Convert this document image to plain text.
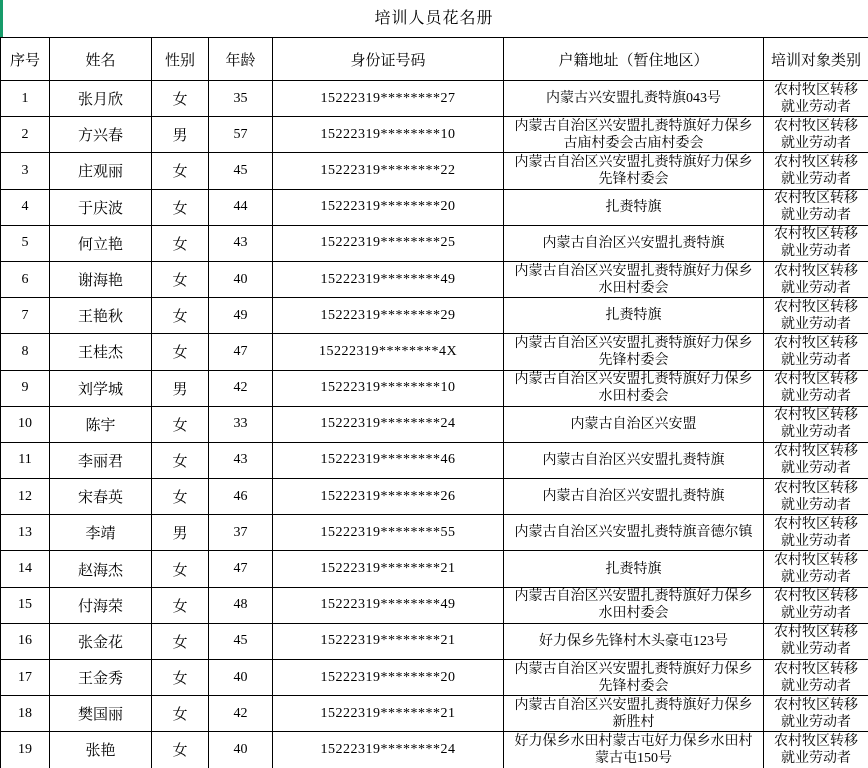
培训人员花名册
序号	姓名	性别	年龄	身份证号码	户籍地址（暂住地区）	培训对象类别
1	张月欣	女	35	15222319********27	内蒙古兴安盟扎赉特旗043号	农村牧区转移就业劳动者
2	方兴春	男	57	15222319********10	内蒙古自治区兴安盟扎赉特旗好力保乡古庙村委会古庙村委会	农村牧区转移就业劳动者
3	庄观丽	女	45	15222319********22	内蒙古自治区兴安盟扎赉特旗好力保乡先锋村委会	农村牧区转移就业劳动者
4	于庆波	女	44	15222319********20	扎赉特旗	农村牧区转移就业劳动者
5	何立艳	女	43	15222319********25	内蒙古自治区兴安盟扎赉特旗	农村牧区转移就业劳动者
6	谢海艳	女	40	15222319********49	内蒙古自治区兴安盟扎赉特旗好力保乡水田村委会	农村牧区转移就业劳动者
7	王艳秋	女	49	15222319********29	扎赉特旗	农村牧区转移就业劳动者
8	王桂杰	女	47	15222319********4X	内蒙古自治区兴安盟扎赉特旗好力保乡先锋村委会	农村牧区转移就业劳动者
9	刘学城	男	42	15222319********10	内蒙古自治区兴安盟扎赉特旗好力保乡水田村委会	农村牧区转移就业劳动者
10	陈宇	女	33	15222319********24	内蒙古自治区兴安盟	农村牧区转移就业劳动者
11	李丽君	女	43	15222319********46	内蒙古自治区兴安盟扎赉特旗	农村牧区转移就业劳动者
12	宋春英	女	46	15222319********26	内蒙古自治区兴安盟扎赉特旗	农村牧区转移就业劳动者
13	李靖	男	37	15222319********55	内蒙古自治区兴安盟扎赉特旗音德尔镇	农村牧区转移就业劳动者
14	赵海杰	女	47	15222319********21	扎赉特旗	农村牧区转移就业劳动者
15	付海荣	女	48	15222319********49	内蒙古自治区兴安盟扎赉特旗好力保乡水田村委会	农村牧区转移就业劳动者
16	张金花	女	45	15222319********21	好力保乡先锋村木头豪屯123号	农村牧区转移就业劳动者
17	王金秀	女	40	15222319********20	内蒙古自治区兴安盟扎赉特旗好力保乡先锋村委会	农村牧区转移就业劳动者
18	樊国丽	女	42	15222319********21	内蒙古自治区兴安盟扎赉特旗好力保乡新胜村	农村牧区转移就业劳动者
19	张艳	女	40	15222319********24	好力保乡水田村蒙古屯好力保乡水田村蒙古屯150号	农村牧区转移就业劳动者
